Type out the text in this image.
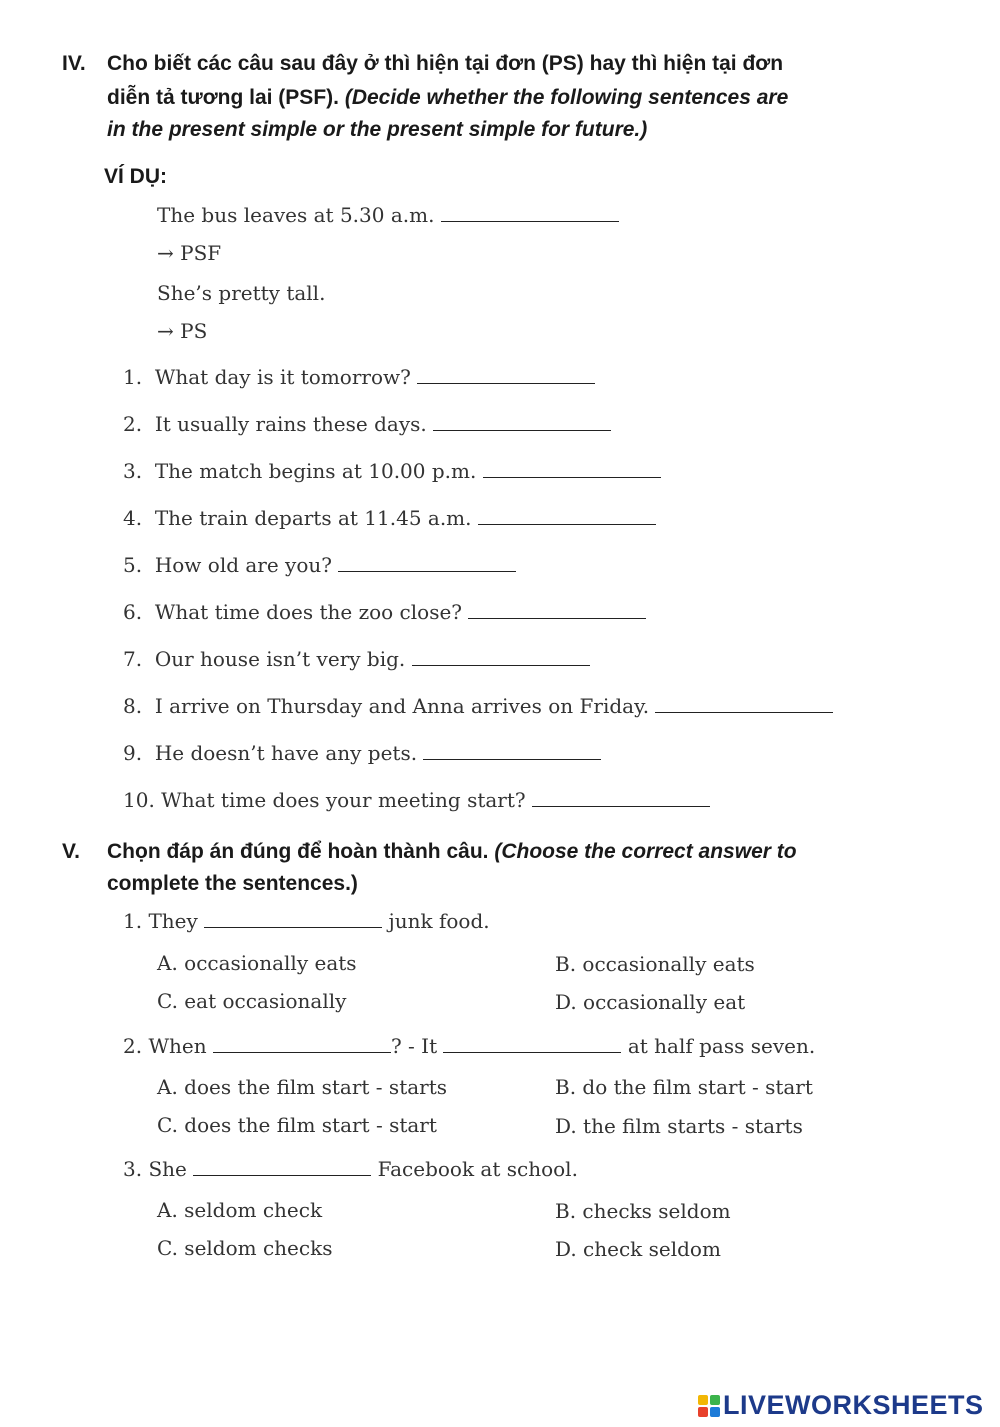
IV. Cho biết các câu sau đây ở thì hiện tại đơn (PS) hay thì hiện tại đơn
diễn tả tương lai (PSF). (Decide whether the following sentences are
in the present simple or the present simple for future.)
VÍ DỤ:
The bus leaves at 5.30 a.m.
→ PSF
She’s pretty tall.
→ PS
1. What day is it tomorrow?
2. It usually rains these days.
3. The match begins at 10.00 p.m.
4. The train departs at 11.45 a.m.
5. How old are you?
6. What time does the zoo close?
7. Our house isn’t very big.
8. I arrive on Thursday and Anna arrives on Friday.
9. He doesn’t have any pets.
10. What time does your meeting start?
V. Chọn đáp án đúng để hoàn thành câu. (Choose the correct answer to
complete the sentences.)
1. They	junk food.
A. occasionally eats	B. occasionally eats
C. eat occasionally	D. occasionally eat
2. When	? - It	at half pass seven.
A. does the film start - starts	B. do the film start - start
C. does the film start - start	D. the film starts - starts
3. She	Facebook at school.
A. seldom check	B. checks seldom
C. seldom checks	D. check seldom
LIVEWORKSHEETS
